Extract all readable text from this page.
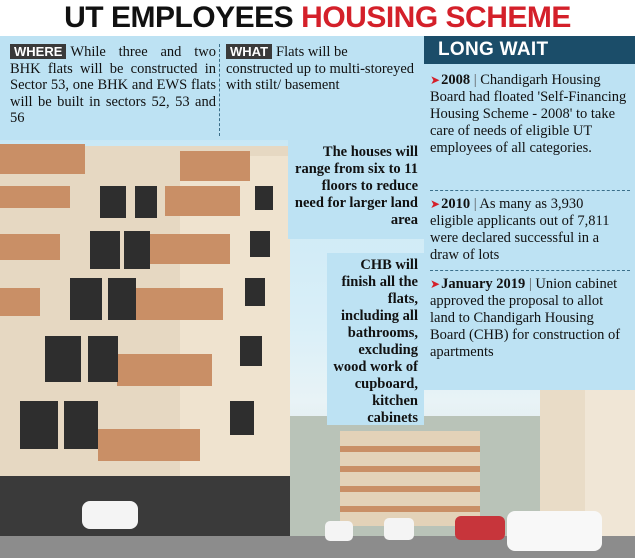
UT EMPLOYEES HOUSING SCHEME
WHERE While three and two BHK flats will be constructed in Sector 53, one BHK and EWS flats will be built in sectors 52, 53 and 56
WHAT Flats will be constructed up to multi-storeyed with stilt/ basement
The houses will range from six to 11 floors to reduce need for larger land area
CHB will finish all the flats, including all bathrooms, excluding wood work of cupboard, kitchen cabinets
LONG WAIT
➤2008 | Chandigarh Housing Board had floated 'Self-Financing Housing Scheme - 2008' to take care of needs of eligible UT employees of all categories.
➤2010 | As many as 3,930 eligible applicants out of 7,811 were declared successful in a draw of lots
➤January 2019 | Union cabinet approved the proposal to allot land to Chandigarh Housing Board (CHB) for construction of apartments
